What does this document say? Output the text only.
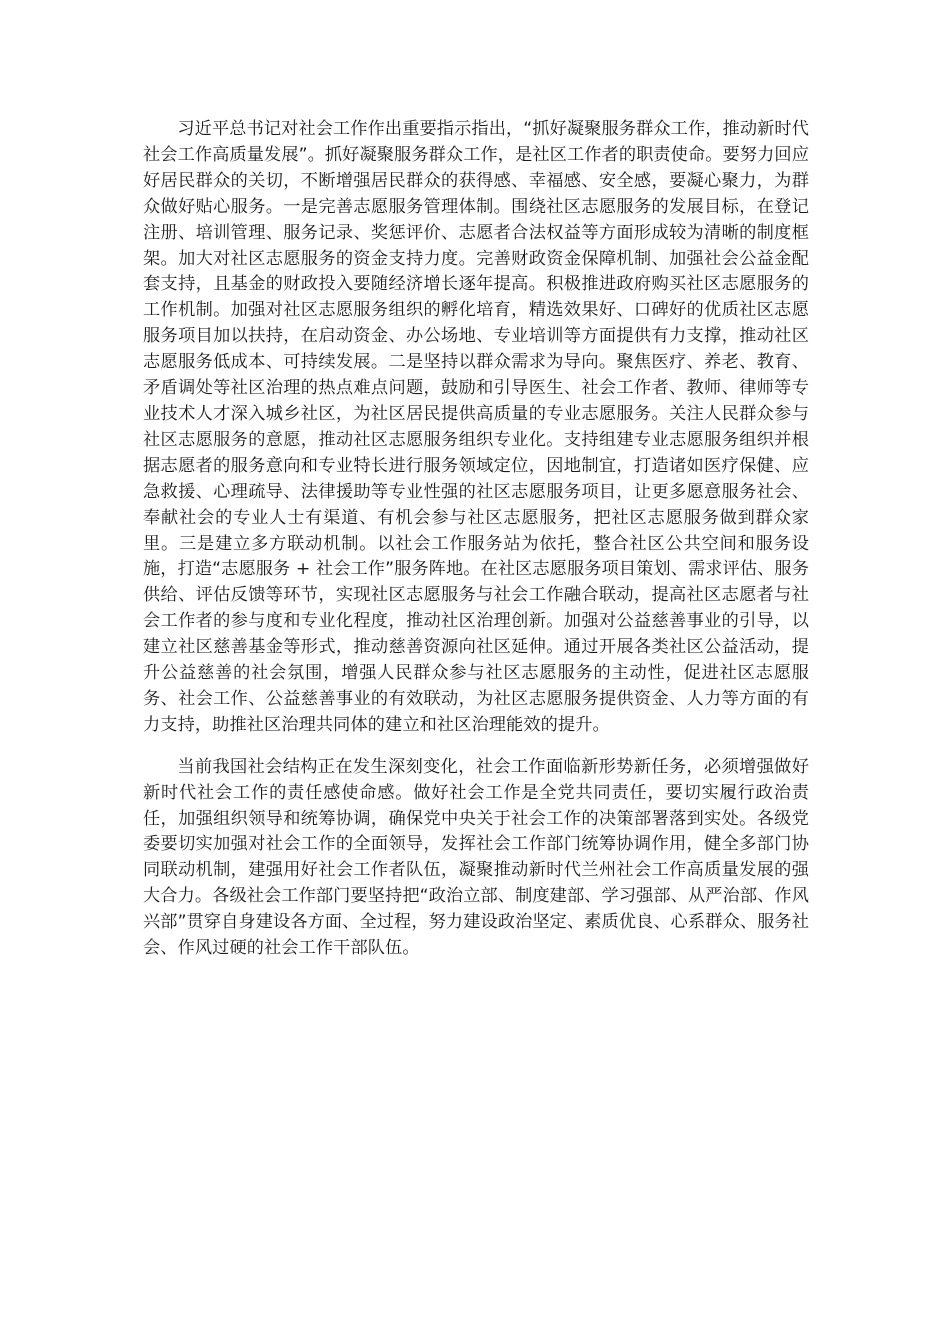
习近平总书记对社会工作作出重要指示指出，“抓好凝聚服务群众工作，推动新时代社会工作高质量发展”。抓好凝聚服务群众工作，是社区工作者的职责使命。要努力回应好居民群众的关切，不断增强居民群众的获得感、幸福感、安全感，要凝心聚力，为群众做好贴心服务。一是完善志愿服务管理体制。围绕社区志愿服务的发展目标，在登记注册、培训管理、服务记录、奖惩评价、志愿者合法权益等方面形成较为清晰的制度框架。加大对社区志愿服务的资金支持力度。完善财政资金保障机制、加强社会公益金配套支持，且基金的财政投入要随经济增长逐年提高。积极推进政府购买社区志愿服务的工作机制。加强对社区志愿服务组织的孵化培育，精选效果好、口碑好的优质社区志愿服务项目加以扶持，在启动资金、办公场地、专业培训等方面提供有力支撑，推动社区志愿服务低成本、可持续发展。二是坚持以群众需求为导向。聚焦医疗、养老、教育、矛盾调处等社区治理的热点难点问题，鼓励和引导医生、社会工作者、教师、律师等专业技术人才深入城乡社区，为社区居民提供高质量的专业志愿服务。关注人民群众参与社区志愿服务的意愿，推动社区志愿服务组织专业化。支持组建专业志愿服务组织并根据志愿者的服务意向和专业特长进行服务领域定位，因地制宜，打造诸如医疗保健、应急救援、心理疏导、法律援助等专业性强的社区志愿服务项目，让更多愿意服务社会、奉献社会的专业人士有渠道、有机会参与社区志愿服务，把社区志愿服务做到群众家里。三是建立多方联动机制。以社会工作服务站为依托，整合社区公共空间和服务设施，打造“志愿服务 + 社会工作”服务阵地。在社区志愿服务项目策划、需求评估、服务供给、评估反馈等环节，实现社区志愿服务与社会工作融合联动，提高社区志愿者与社会工作者的参与度和专业化程度，推动社区治理创新。加强对公益慈善事业的引导，以建立社区慈善基金等形式，推动慈善资源向社区延伸。通过开展各类社区公益活动，提升公益慈善的社会氛围，增强人民群众参与社区志愿服务的主动性，促进社区志愿服务、社会工作、公益慈善事业的有效联动，为社区志愿服务提供资金、人力等方面的有力支持，助推社区治理共同体的建立和社区治理能效的提升。

当前我国社会结构正在发生深刻变化，社会工作面临新形势新任务，必须增强做好新时代社会工作的责任感使命感。做好社会工作是全党共同责任，要切实履行政治责任，加强组织领导和统筹协调，确保党中央关于社会工作的决策部署落到实处。各级党委要切实加强对社会工作的全面领导，发挥社会工作部门统筹协调作用，健全多部门协同联动机制，建强用好社会工作者队伍，凝聚推动新时代兰州社会工作高质量发展的强大合力。各级社会工作部门要坚持把“政治立部、制度建部、学习强部、从严治部、作风兴部”贯穿自身建设各方面、全过程，努力建设政治坚定、素质优良、心系群众、服务社会、作风过硬的社会工作干部队伍。
